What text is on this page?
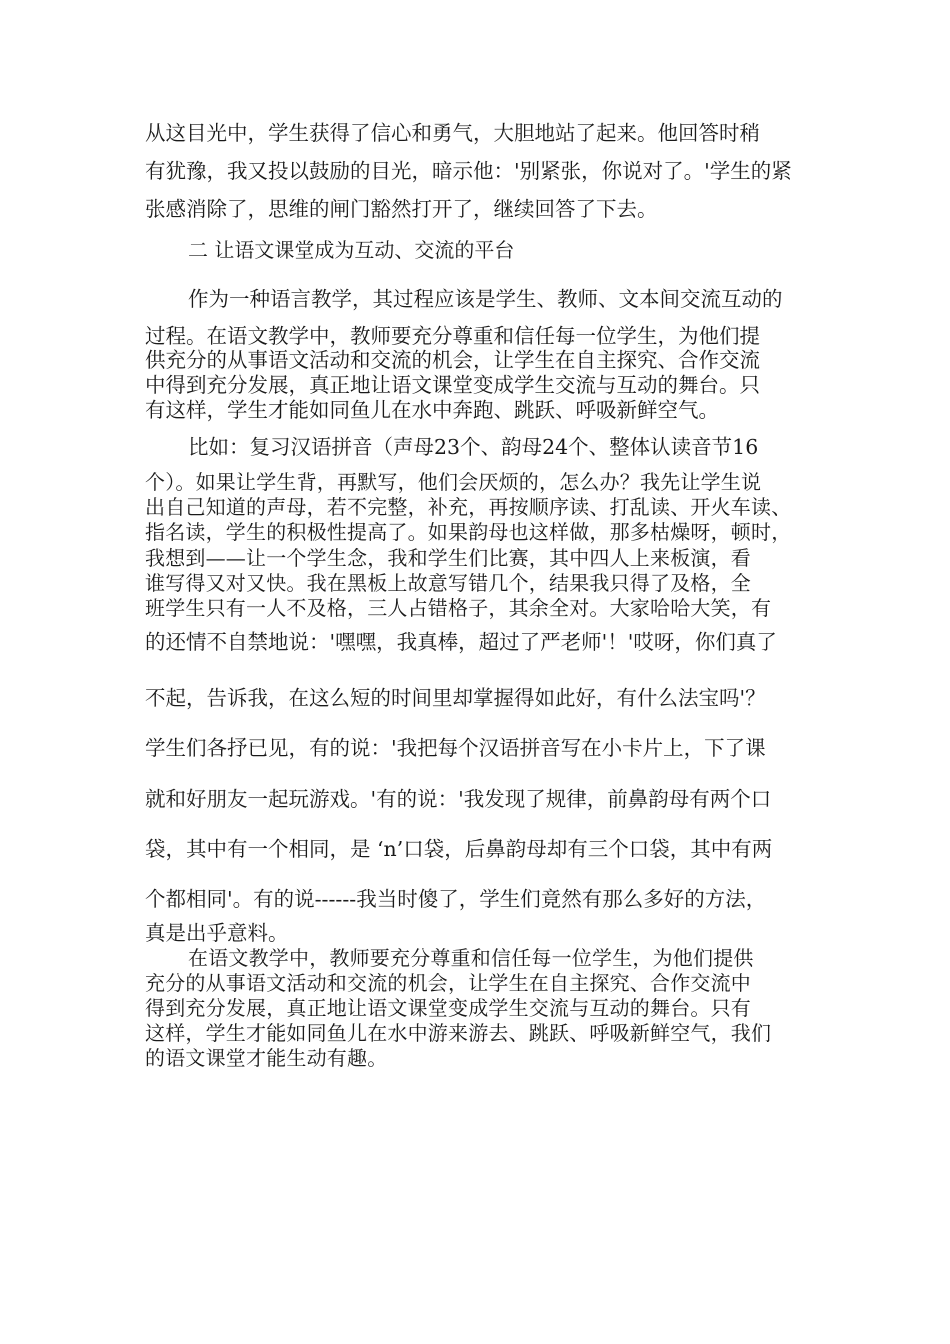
从这目光中，学生获得了信心和勇气，大胆地站了起来。他回答时稍
有犹豫，我又投以鼓励的目光，暗示他：'别紧张，你说对了。'学生的紧
张感消除了，思维的闸门豁然打开了，继续回答了下去。
二 让语文课堂成为互动、交流的平台
作为一种语言教学，其过程应该是学生、教师、文本间交流互动的
过程。在语文教学中，教师要充分尊重和信任每一位学生，为他们提
供充分的从事语文活动和交流的机会，让学生在自主探究、合作交流
中得到充分发展，真正地让语文课堂变成学生交流与互动的舞台。只
有这样，学生才能如同鱼儿在水中奔跑、跳跃、呼吸新鲜空气。
比如：复习汉语拼音（声母23个、韵母24个、整体认读音节16
个）。如果让学生背，再默写，他们会厌烦的，怎么办？我先让学生说
出自己知道的声母，若不完整，补充，再按顺序读、打乱读、开火车读、
指名读，学生的积极性提高了。如果韵母也这样做，那多枯燥呀，顿时，
我想到——让一个学生念，我和学生们比赛，其中四人上来板演，看
谁写得又对又快。我在黑板上故意写错几个，结果我只得了及格，全
班学生只有一人不及格，三人占错格子，其余全对。大家哈哈大笑，有
的还情不自禁地说：'嘿嘿，我真棒，超过了严老师'！'哎呀，你们真了
不起，告诉我，在这么短的时间里却掌握得如此好，有什么法宝吗'？
学生们各抒已见，有的说：'我把每个汉语拼音写在小卡片上，下了课
就和好朋友一起玩游戏。'有的说：'我发现了规律，前鼻韵母有两个口
袋，其中有一个相同，是 ‘n’口袋，后鼻韵母却有三个口袋，其中有两
个都相同'。有的说------我当时傻了，学生们竟然有那么多好的方法，
真是出乎意料。
在语文教学中，教师要充分尊重和信任每一位学生，为他们提供
充分的从事语文活动和交流的机会，让学生在自主探究、合作交流中
得到充分发展，真正地让语文课堂变成学生交流与互动的舞台。只有
这样，学生才能如同鱼儿在水中游来游去、跳跃、呼吸新鲜空气，我们
的语文课堂才能生动有趣。
